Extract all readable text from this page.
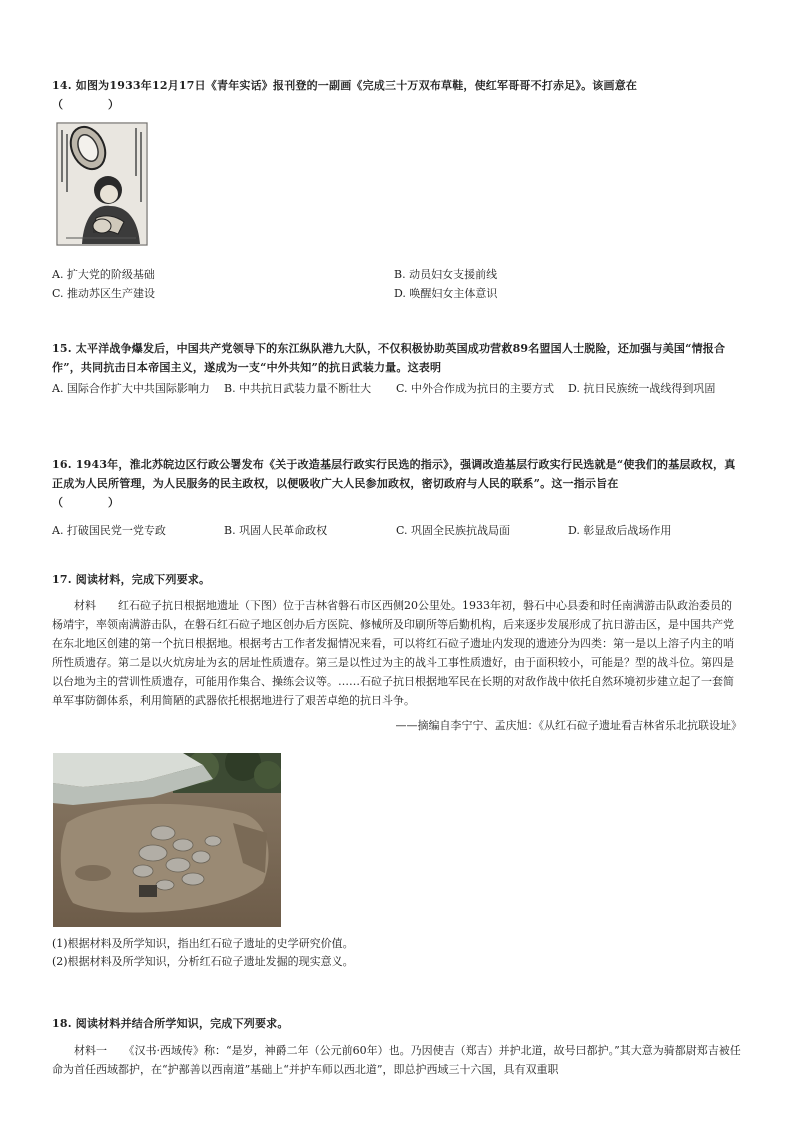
14. 如图为1933年12月17日《青年实话》报刊登的一副画《完成三十万双布草鞋，使红军哥哥不打赤足》。该画意在
（　　　　）

A. 扩大党的阶级基础	B. 动员妇女支援前线
C. 推动苏区生产建设	D. 唤醒妇女主体意识

15. 太平洋战争爆发后，中国共产党领导下的东江纵队港九大队，不仅积极协助英国成功营救89名盟国人士脱险，还加强与美国“情报合作”，共同抗击日本帝国主义，遂成为一支“中外共知”的抗日武装力量。这表明

A. 国际合作扩大中共国际影响力	B. 中共抗日武装力量不断壮大	C. 中外合作成为抗日的主要方式	D. 抗日民族统一战线得到巩固

16. 1943年，淮北苏皖边区行政公署发布《关于改造基层行政实行民选的指示》，强调改造基层行政实行民选就是“使我们的基层政权，真正成为人民所管理，为人民服务的民主政权，以便吸收广大人民参加政权，密切政府与人民的联系”。这一指示旨在
（　　　　）

A. 打破国民党一党专政	B. 巩固人民革命政权	C. 巩固全民族抗战局面	D. 彰显敌后战场作用

17. 阅读材料，完成下列要求。

材料　　红石砬子抗日根据地遗址（下图）位于吉林省磐石市区西侧20公里处。1933年初，磐石中心县委和时任南满游击队政治委员的杨靖宇，率领南满游击队，在磐石红石砬子地区创办后方医院、修械所及印刷所等后勤机构，后来逐步发展形成了抗日游击区，是中国共产党在东北地区创建的第一个抗日根据地。根据考古工作者发掘情况来看，可以将红石砬子遗址内发现的遗迹分为四类：第一是以上溶子内主的哨所性质遗存。第二是以火炕房址为玄的居址性质遗存。第三是以性过为主的战斗工事性质遗好，由于面积较小，可能是？型的战斗位。第四是以台地为主的营训性质遗存，可能用作集合、操练会议等。……石砬子抗日根据地军民在长期的对敌作战中依托自然环境初步建立起了一套简单军事防御体系，利用简陋的武器依托根据地进行了艰苦卓绝的抗日斗争。

——摘编自李宁宁、孟庆旭：《从红石砬子遗址看吉林省乐北抗联设址》
(1)根据材料及所学知识，指出红石砬子遗址的史学研究价值。
(2)根据材料及所学知识，分析红石砬子遗址发掘的现实意义。

18. 阅读材料并结合所学知识，完成下列要求。

材料一　　《汉书·西域传》称：“是岁，神爵二年（公元前60年）也。乃因使吉（郑吉）并护北道，故号曰都护。”其大意为骑都尉郑吉被任命为首任西域都护，在“护鄯善以西南道”基础上“并护车师以西北道”，即总护西域三十六国，具有双重职
